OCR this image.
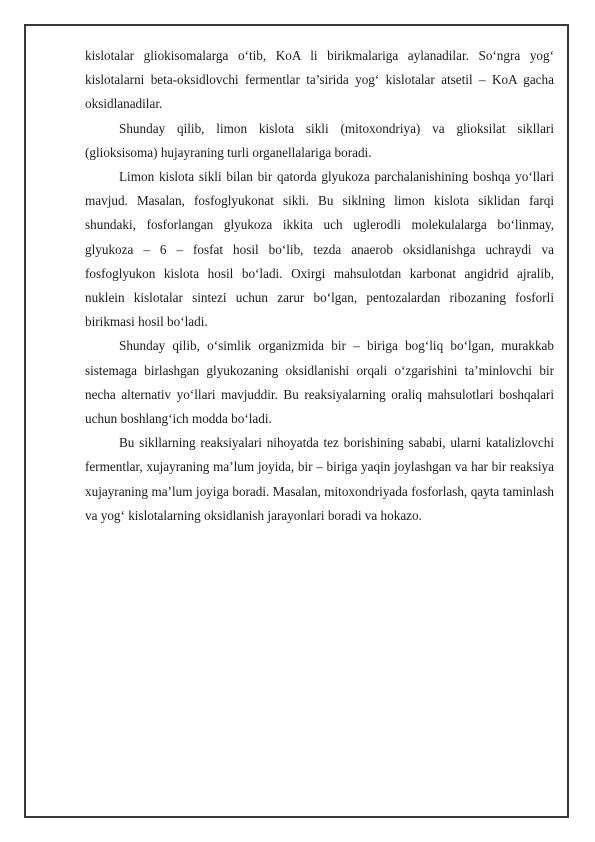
kislotalar gliokisomalarga o‘tib, KoA li birikmalariga aylanadilar. So‘ngra yog‘ kislotalarni beta-oksidlovchi fermentlar ta’sirida yog‘ kislotalar atsetil – KoA gacha oksidlanadilar.

Shunday qilib, limon kislota sikli (mitoxondriya) va glioksilat sikllari (glioksisoma) hujayraning turli organellalariga boradi.

Limon kislota sikli bilan bir qatorda glyukoza parchalanishining boshqa yo‘llari mavjud. Masalan, fosfoglyukonat sikli. Bu siklning limon kislota siklidan farqi shundaki, fosforlangan glyukoza ikkita uch uglerodli molekulalarga bo‘linmay, glyukoza – 6 – fosfat hosil bo‘lib, tezda anaerob oksidlanishga uchraydi va fosfoglyukon kislota hosil bo‘ladi. Oxirgi mahsulotdan karbonat angidrid ajralib, nuklein kislotalar sintezi uchun zarur bo‘lgan, pentozalardan ribozaning fosforli birikmasi hosil bo‘ladi.

Shunday qilib, o‘simlik organizmida bir – biriga bog‘liq bo‘lgan, murakkab sistemaga birlashgan glyukozaning oksidlanishi orqali o‘zgarishini ta’minlovchi bir necha alternativ yo‘llari mavjuddir. Bu reaksiyalarning oraliq mahsulotlari boshqalari uchun boshlang‘ich modda bo‘ladi.

Bu sikllarning reaksiyalari nihoyatda tez borishining sababi, ularni katalizlovchi fermentlar, xujayraning ma’lum joyida, bir – biriga yaqin joylashgan va har bir reaksiya xujayraning ma’lum joyiga boradi. Masalan, mitoxondriyada fosforlash, qayta taminlash va yog‘ kislotalarning oksidlanish jarayonlari boradi va hokazo.
